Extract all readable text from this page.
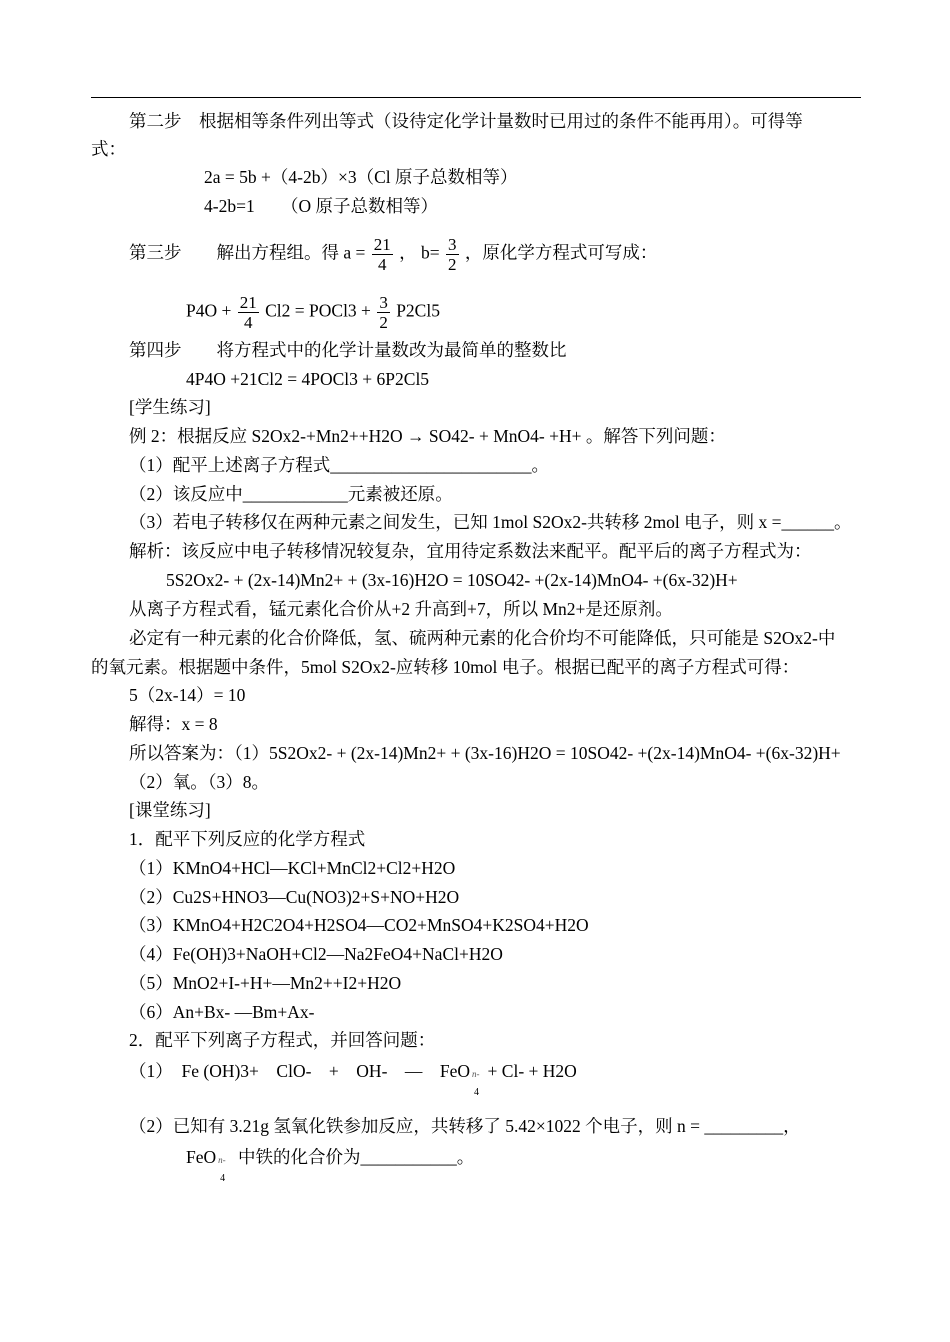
第二步　根据相等条件列出等式（设待定化学计量数时已用过的条件不能再用）。可得等
式：
2a = 5b +（4-2b）×3（Cl 原子总数相等）
4-2b=1　　（O 原子总数相等）
第三步　　解出方程组。得 $a = \frac{21}{4}$ ， $b= \frac{3}{2}$ ，原化学方程式可写成：
$P4O + \frac{21}{4} Cl2$ = POCl3 + $\frac{3}{2} P2Cl5$
第四步　　将方程式中的化学计量数改为最简单的整数比
4P4O +21Cl2 = 4POCl3 + 6P2Cl5
[学生练习]
例 2：根据反应 S2Ox2-+Mn2++H2O → SO42- + MnO4- +H+ 。解答下列问题：
（1）配平上述离子方程式_______________________。
（2）该反应中____________元素被还原。
（3）若电子转移仅在两种元素之间发生，已知 1mol S2Ox2-共转移 2mol 电子，则 x =______。
解析：该反应中电子转移情况较复杂，宜用待定系数法来配平。配平后的离子方程式为：
5S2Ox2- + (2x-14)Mn2+ + (3x-16)H2O = 10SO42- +(2x-14)MnO4- +(6x-32)H+
从离子方程式看，锰元素化合价从+2 升高到+7，所以 Mn2+是还原剂。
必定有一种元素的化合价降低，氢、硫两种元素的化合价均不可能降低，只可能是 S2Ox2-中
的氧元素。根据题中条件，5mol S2Ox2-应转移 10mol 电子。根据已配平的离子方程式可得：
5（2x-14）= 10
解得：x = 8
所以答案为：（1）5S2Ox2- + (2x-14)Mn2+ + (3x-16)H2O = 10SO42- +(2x-14)MnO4- +(6x-32)H+
（2）氧。（3）8。
[课堂练习]
1．配平下列反应的化学方程式
（1）KMnO4+HCl—KCl+MnCl2+Cl2+H2O
（2）Cu2S+HNO3—Cu(NO3)2+S+NO+H2O
（3）KMnO4+H2C2O4+H2SO4—CO2+MnSO4+K2SO4+H2O
（4）Fe(OH)3+NaOH+Cl2—Na2FeO4+NaCl+H2O
（5）MnO2+I-+H+—Mn2++I2+H2O
（6）An+Bx- —Bm+Ax-
2．配平下列离子方程式，并回答问题：
（1）　Fe (OH)3+　ClO-　+　OH-　—　FeO n-
4
+ Cl- + H2O
（2）已知有 3.21g 氢氧化铁参加反应，共转移了 5.42×1022 个电子，则 n = _________，
FeO n-
4
中铁的化合价为___________。
